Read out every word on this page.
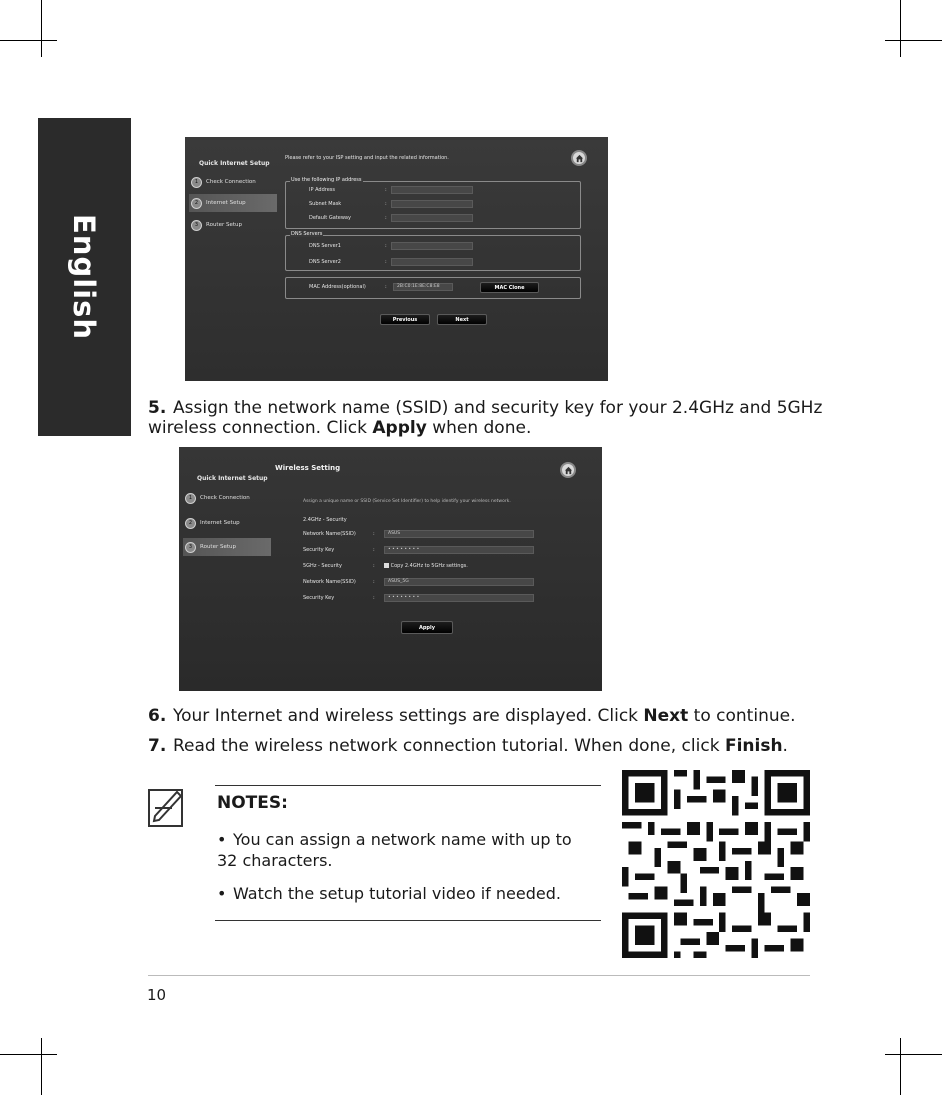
English
Quick Internet Setup
1	Check Connection
2	Internet Setup
3	Router Setup
Please refer to your ISP setting and input the related information.
Use the following IP address
IP Address	:
Subnet Mask	:
Default Gateway	:
DNS Servers
DNS Server1	:
DNS Server2	:
MAC Address(optional)	:	2B:C0:1E:8E:C8:E8	MAC Clone
Previous	Next
5. Assign the network name (SSID) and security key for your 2.4GHz and 5GHz wireless connection. Click Apply when done.
Wireless Setting
Quick Internet Setup
1	Check Connection
2	Internet Setup
3	Router Setup
Assign a unique name or SSID (Service Set Identifier) to help identify your wireless network.
2.4GHz - Security
Network Name(SSID)	:	ASUS
Security Key	:	• • • • • • • •
5GHz - Security	:	Copy 2.4GHz to 5GHz settings.
Network Name(SSID)	:	ASUS_5G
Security Key	:	• • • • • • • •
Apply
6. Your Internet and wireless settings are displayed. Click Next to continue.
7. Read the wireless network connection tutorial. When done, click Finish.
NOTES:
• You can assign a network name with up to 32 characters.
• Watch the setup tutorial video if needed.
10
